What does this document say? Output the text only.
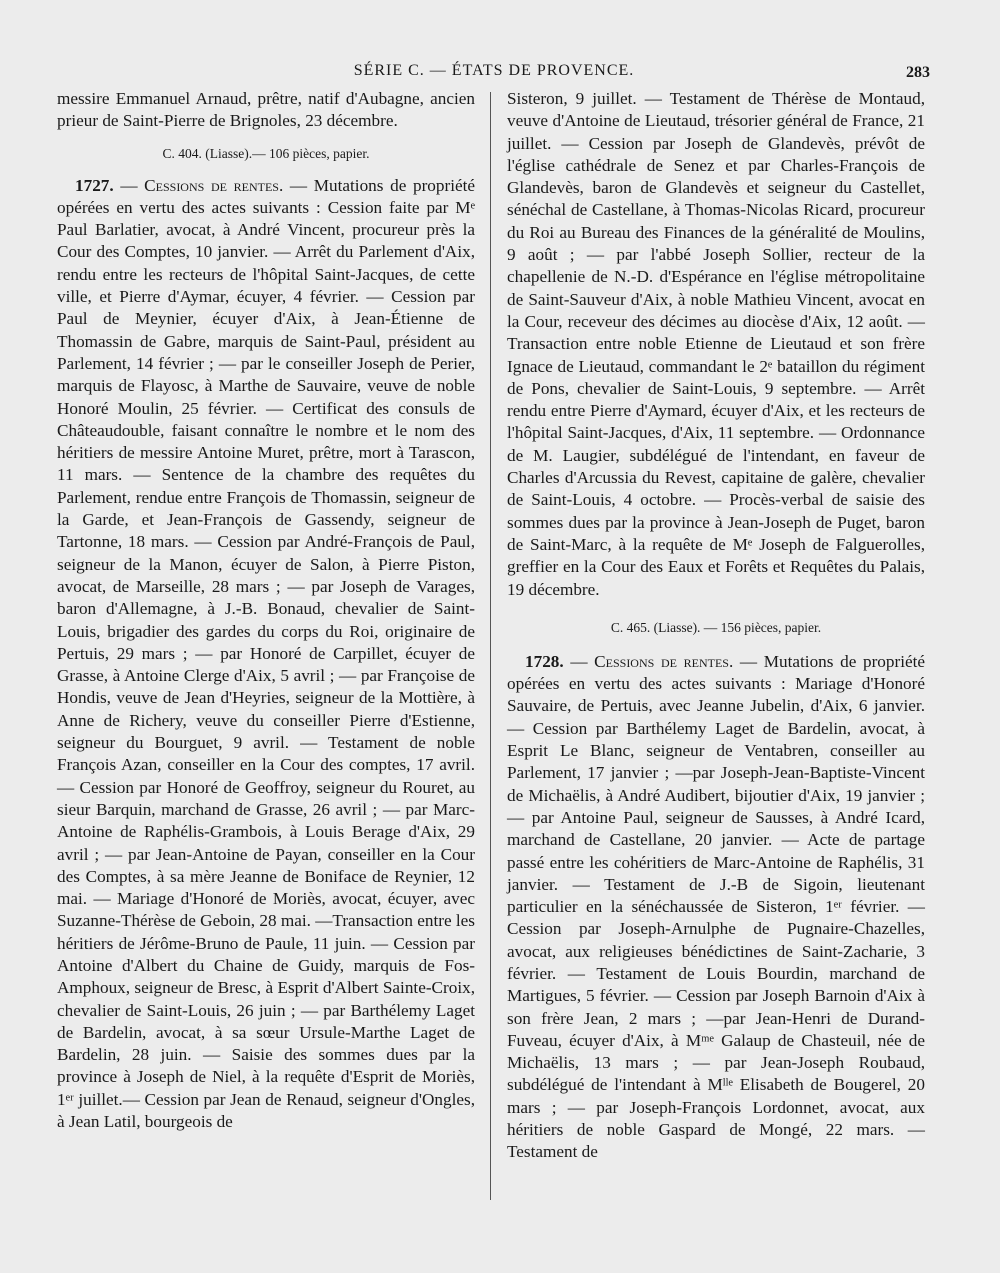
SÉRIE C. — ÉTATS DE PROVENCE.	283

messire Emmanuel Arnaud, prêtre, natif d'Aubagne, ancien prieur de Saint-Pierre de Brignoles, 23 décembre.

C. 404. (Liasse).— 106 pièces, papier.

1727. — Cessions de rentes. — Mutations de propriété opérées en vertu des actes suivants : Cession faite par Mᵉ Paul Barlatier, avocat, à André Vincent, procureur près la Cour des Comptes, 10 janvier. — Arrêt du Parlement d'Aix, rendu entre les recteurs de l'hôpital Saint-Jacques, de cette ville, et Pierre d'Aymar, écuyer, 4 février. — Cession par Paul de Meynier, écuyer d'Aix, à Jean-Étienne de Thomassin de Gabre, marquis de Saint-Paul, président au Parlement, 14 février ; — par le conseiller Joseph de Perier, marquis de Flayosc, à Marthe de Sauvaire, veuve de noble Honoré Moulin, 25 février. — Certificat des consuls de Châteaudouble, faisant connaître le nombre et le nom des héritiers de messire Antoine Muret, prêtre, mort à Tarascon, 11 mars. — Sentence de la chambre des requêtes du Parlement, rendue entre François de Thomassin, seigneur de la Garde, et Jean-François de Gassendy, seigneur de Tartonne, 18 mars. — Cession par André-François de Paul, seigneur de la Manon, écuyer de Salon, à Pierre Piston, avocat, de Marseille, 28 mars ; — par Joseph de Varages, baron d'Allemagne, à J.-B. Bonaud, chevalier de Saint-Louis, brigadier des gardes du corps du Roi, originaire de Pertuis, 29 mars ; — par Honoré de Carpillet, écuyer de Grasse, à Antoine Clerge d'Aix, 5 avril ; — par Françoise de Hondis, veuve de Jean d'Heyries, seigneur de la Mottière, à Anne de Richery, veuve du conseiller Pierre d'Estienne, seigneur du Bourguet, 9 avril. — Testament de noble François Azan, conseiller en la Cour des comptes, 17 avril. — Cession par Honoré de Geoffroy, seigneur du Rouret, au sieur Barquin, marchand de Grasse, 26 avril ; — par Marc-Antoine de Raphélis-Grambois, à Louis Berage d'Aix, 29 avril ; — par Jean-Antoine de Payan, conseiller en la Cour des Comptes, à sa mère Jeanne de Boniface de Reynier, 12 mai. — Mariage d'Honoré de Moriès, avocat, écuyer, avec Suzanne-Thérèse de Geboin, 28 mai. —Transaction entre les héritiers de Jérôme-Bruno de Paule, 11 juin. — Cession par Antoine d'Albert du Chaine de Guidy, marquis de Fos-Amphoux, seigneur de Bresc, à Esprit d'Albert Sainte-Croix, chevalier de Saint-Louis, 26 juin ; — par Barthélemy Laget de Bardelin, avocat, à sa sœur Ursule-Marthe Laget de Bardelin, 28 juin. — Saisie des sommes dues par la province à Joseph de Niel, à la requête d'Esprit de Moriès, 1ᵉʳ juillet.— Cession par Jean de Renaud, seigneur d'Ongles, à Jean Latil, bourgeois de

Sisteron, 9 juillet. — Testament de Thérèse de Montaud, veuve d'Antoine de Lieutaud, trésorier général de France, 21 juillet. — Cession par Joseph de Glandevès, prévôt de l'église cathédrale de Senez et par Charles-François de Glandevès, baron de Glandevès et seigneur du Castellet, sénéchal de Castellane, à Thomas-Nicolas Ricard, procureur du Roi au Bureau des Finances de la généralité de Moulins, 9 août ; — par l'abbé Joseph Sollier, recteur de la chapellenie de N.-D. d'Espérance en l'église métropolitaine de Saint-Sauveur d'Aix, à noble Mathieu Vincent, avocat en la Cour, receveur des décimes au diocèse d'Aix, 12 août. — Transaction entre noble Etienne de Lieutaud et son frère Ignace de Lieutaud, commandant le 2ᵉ bataillon du régiment de Pons, chevalier de Saint-Louis, 9 septembre. — Arrêt rendu entre Pierre d'Aymard, écuyer d'Aix, et les recteurs de l'hôpital Saint-Jacques, d'Aix, 11 septembre. — Ordonnance de M. Laugier, subdélégué de l'intendant, en faveur de Charles d'Arcussia du Revest, capitaine de galère, chevalier de Saint-Louis, 4 octobre. — Procès-verbal de saisie des sommes dues par la province à Jean-Joseph de Puget, baron de Saint-Marc, à la requête de Mᵉ Joseph de Falguerolles, greffier en la Cour des Eaux et Forêts et Requêtes du Palais, 19 décembre.

C. 465. (Liasse). — 156 pièces, papier.

1728. — Cessions de rentes. — Mutations de propriété opérées en vertu des actes suivants : Mariage d'Honoré Sauvaire, de Pertuis, avec Jeanne Jubelin, d'Aix, 6 janvier. — Cession par Barthélemy Laget de Bardelin, avocat, à Esprit Le Blanc, seigneur de Ventabren, conseiller au Parlement, 17 janvier ; —par Joseph-Jean-Baptiste-Vincent de Michaëlis, à André Audibert, bijoutier d'Aix, 19 janvier ; — par Antoine Paul, seigneur de Sausses, à André Icard, marchand de Castellane, 20 janvier. — Acte de partage passé entre les cohéritiers de Marc-Antoine de Raphélis, 31 janvier. — Testament de J.-B de Sigoin, lieutenant particulier en la sénéchaussée de Sisteron, 1ᵉʳ février. — Cession par Joseph-Arnulphe de Pugnaire-Chazelles, avocat, aux religieuses bénédictines de Saint-Zacharie, 3 février. — Testament de Louis Bourdin, marchand de Martigues, 5 février. — Cession par Joseph Barnoin d'Aix à son frère Jean, 2 mars ; —par Jean-Henri de Durand-Fuveau, écuyer d'Aix, à Mᵐᵉ Galaup de Chasteuil, née de Michaëlis, 13 mars ; — par Jean-Joseph Roubaud, subdélégué de l'intendant à Mˡˡᵉ Elisabeth de Bougerel, 20 mars ; — par Joseph-François Lordonnet, avocat, aux héritiers de noble Gaspard de Mongé, 22 mars. — Testament de
